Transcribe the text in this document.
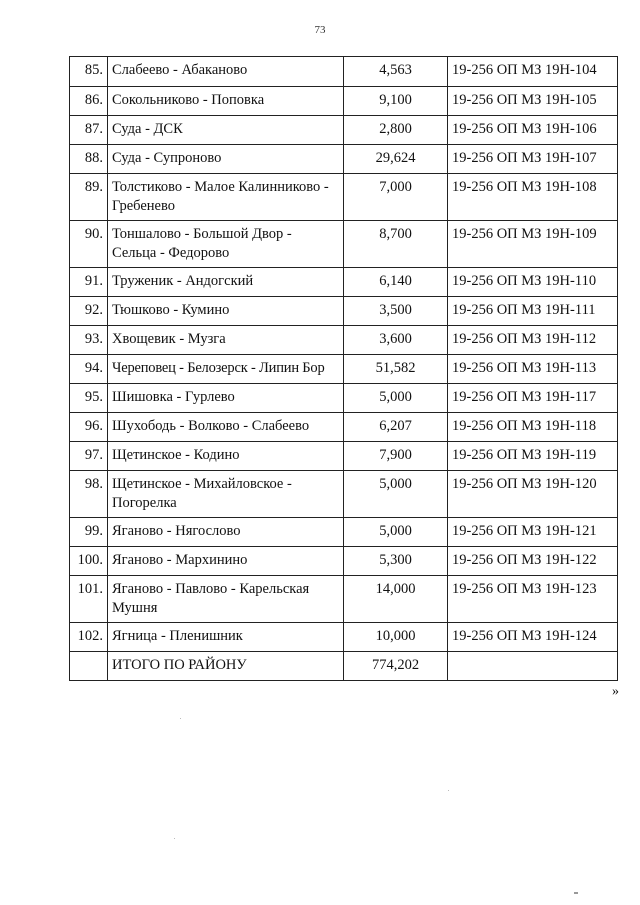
73
85.	Слабеево - Абаканово	4,563	19-256 ОП МЗ 19Н-104
86.	Сокольниково - Поповка	9,100	19-256 ОП МЗ 19Н-105
87.	Суда - ДСК	2,800	19-256 ОП МЗ 19Н-106
88.	Суда - Супроново	29,624	19-256 ОП МЗ 19Н-107
89.	Толстиково - Малое Калинниково - Гребенево	7,000	19-256 ОП МЗ 19Н-108
90.	Тоншалово - Большой Двор - Сельца - Федорово	8,700	19-256 ОП МЗ 19Н-109
91.	Труженик - Андогский	6,140	19-256 ОП МЗ 19Н-110
92.	Тюшково - Кумино	3,500	19-256 ОП МЗ 19Н-111
93.	Хвощевик - Музга	3,600	19-256 ОП МЗ 19Н-112
94.	Череповец - Белозерск - Липин Бор	51,582	19-256 ОП МЗ 19Н-113
95.	Шишовка - Гурлево	5,000	19-256 ОП МЗ 19Н-117
96.	Шухободь - Волково - Слабеево	6,207	19-256 ОП МЗ 19Н-118
97.	Щетинское - Кодино	7,900	19-256 ОП МЗ 19Н-119
98.	Щетинское - Михайловское - Погорелка	5,000	19-256 ОП МЗ 19Н-120
99.	Ягановo - Нягослово	5,000	19-256 ОП МЗ 19Н-121
100.	Ягановo - Мархинино	5,300	19-256 ОП МЗ 19Н-122
101.	Ягановo - Павлово - Карельская Мушня	14,000	19-256 ОП МЗ 19Н-123
102.	Ягница - Пленишник	10,000	19-256 ОП МЗ 19Н-124
	ИТОГО ПО РАЙОНУ	774,202	
»
